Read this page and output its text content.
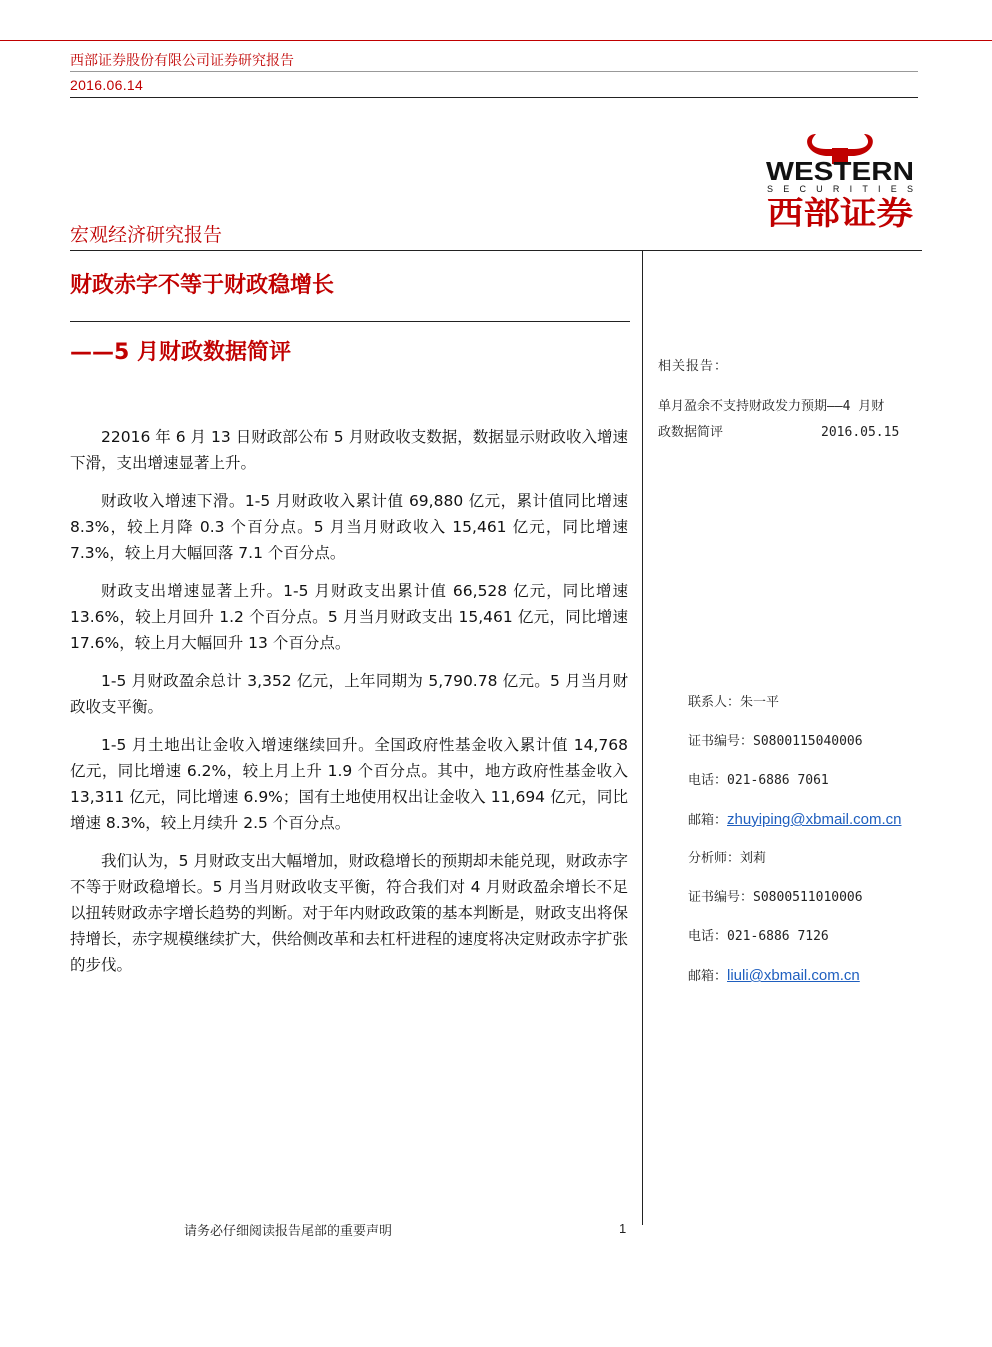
西部证券股份有限公司证券研究报告
2016.06.14
WESTERN
SECURITIES
西部证券
宏观经济研究报告
财政赤字不等于财政稳增长
——5 月财政数据简评

22016 年 6 月 13 日财政部公布 5 月财政收支数据，数据显示财政收入增速下滑，支出增速显著上升。

财政收入增速下滑。1-5 月财政收入累计值 69,880 亿元，累计值同比增速 8.3%，较上月降 0.3 个百分点。5 月当月财政收入 15,461 亿元，同比增速 7.3%，较上月大幅回落 7.1 个百分点。

财政支出增速显著上升。1-5 月财政支出累计值 66,528 亿元，同比增速 13.6%，较上月回升 1.2 个百分点。5 月当月财政支出 15,461 亿元，同比增速 17.6%，较上月大幅回升 13 个百分点。

1-5 月财政盈余总计 3,352 亿元，上年同期为 5,790.78 亿元。5 月当月财政收支平衡。

1-5 月土地出让金收入增速继续回升。全国政府性基金收入累计值 14,768 亿元，同比增速 6.2%，较上月上升 1.9 个百分点。其中，地方政府性基金收入 13,311 亿元，同比增速 6.9%；国有土地使用权出让金收入 11,694 亿元，同比增速 8.3%，较上月续升 2.5 个百分点。

我们认为，5 月财政支出大幅增加，财政稳增长的预期却未能兑现，财政赤字不等于财政稳增长。5 月当月财政收支平衡，符合我们对 4 月财政盈余增长不足以扭转财政赤字增长趋势的判断。对于年内财政政策的基本判断是，财政支出将保持增长，赤字规模继续扩大，供给侧改革和去杠杆进程的速度将决定财政赤字扩张的步伐。

相关报告：
单月盈余不支持财政发力预期——4 月财
政数据简评	2016.05.15
联系人：朱一平
证书编号：S0800115040006
电话：021-6886 7061
邮箱：zhuyiping@xbmail.com.cn
分析师：刘莉
证书编号：S0800511010006
电话：021-6886 7126
邮箱：liuli@xbmail.com.cn
请务必仔细阅读报告尾部的重要声明	1
